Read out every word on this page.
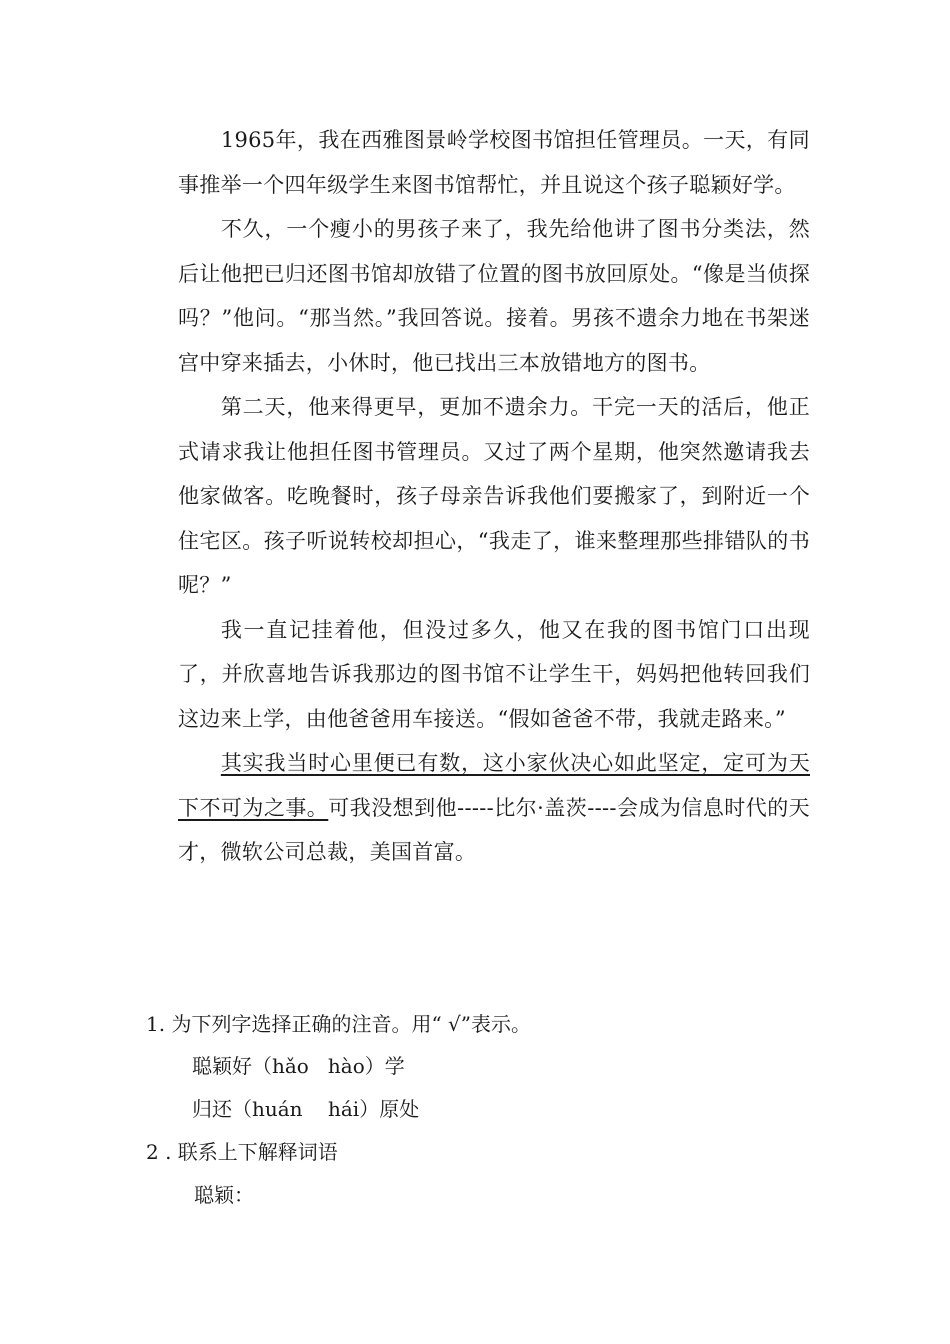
1965年，我在西雅图景岭学校图书馆担任管理员。一天，有同事推举一个四年级学生来图书馆帮忙，并且说这个孩子聪颖好学。

不久，一个瘦小的男孩子来了，我先给他讲了图书分类法，然后让他把已归还图书馆却放错了位置的图书放回原处。“像是当侦探吗？”他问。“那当然。”我回答说。接着。男孩不遗余力地在书架迷宫中穿来插去，小休时，他已找出三本放错地方的图书。

第二天，他来得更早，更加不遗余力。干完一天的活后，他正式请求我让他担任图书管理员。又过了两个星期，他突然邀请我去他家做客。吃晚餐时，孩子母亲告诉我他们要搬家了，到附近一个住宅区。孩子听说转校却担心，“我走了，谁来整理那些排错队的书呢？”

我一直记挂着他，但没过多久，他又在我的图书馆门口出现了，并欣喜地告诉我那边的图书馆不让学生干，妈妈把他转回我们这边来上学，由他爸爸用车接送。“假如爸爸不带，我就走路来。”

其实我当时心里便已有数，这小家伙决心如此坚定，定可为天下不可为之事。可我没想到他-----比尔·盖茨----会成为信息时代的天才，微软公司总裁，美国首富。

1. 为下列字选择正确的注音。用“ √”表示。
聪颖好（hǎo   hào）学
归还（huán    hái）原处
2 . 联系上下解释词语
聪颖：
